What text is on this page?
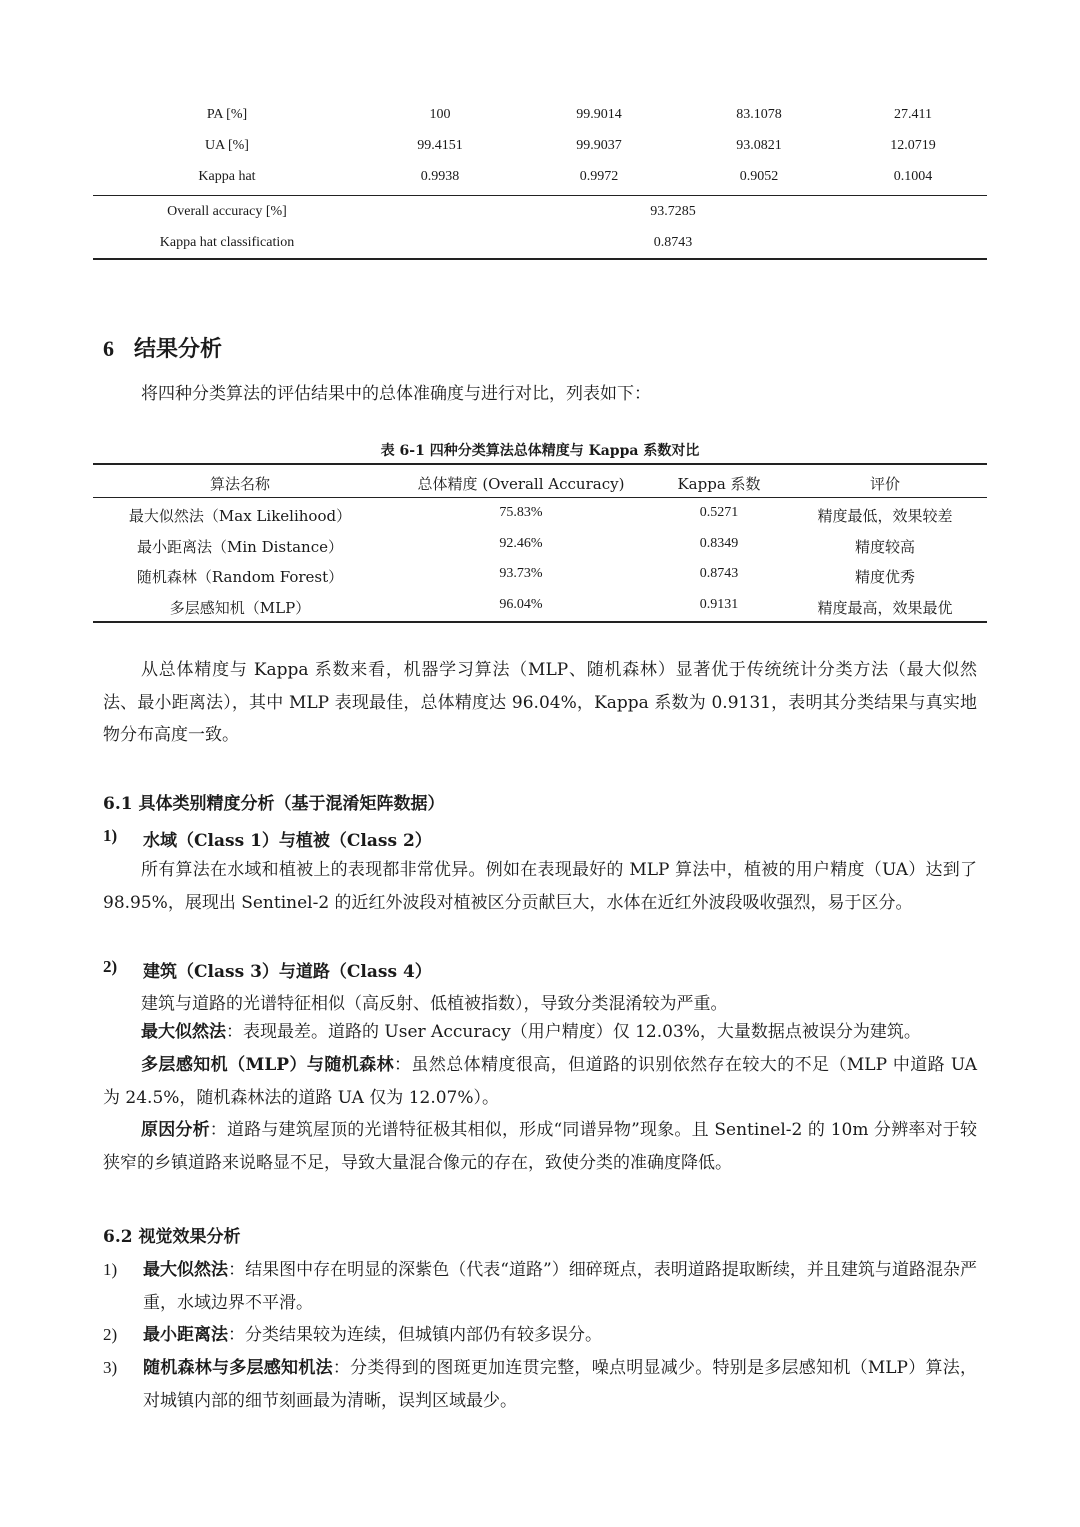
PA [%]	100	99.9014	83.1078	27.411
UA [%]	99.4151	99.9037	93.0821	12.0719
Kappa hat	0.9938	0.9972	0.9052	0.1004
Overall accuracy [%]	93.7285
Kappa hat classification	0.8743
6 结果分析
将四种分类算法的评估结果中的总体准确度与进行对比，列表如下：
表 6-1 四种分类算法总体精度与 Kappa 系数对比
算法名称	总体精度 (Overall Accuracy)	Kappa 系数	评价
最大似然法（Max Likelihood）	75.83%	0.5271	精度最低，效果较差
最小距离法（Min Distance）	92.46%	0.8349	精度较高
随机森林（Random Forest）	93.73%	0.8743	精度优秀
多层感知机（MLP）	96.04%	0.9131	精度最高，效果最优
从总体精度与 Kappa 系数来看，机器学习算法（MLP、随机森林）显著优于传统统计分类方法（最大似然法、最小距离法），其中 MLP 表现最佳，总体精度达 96.04%，Kappa 系数为 0.9131，表明其分类结果与真实地物分布高度一致。
6.1 具体类别精度分析（基于混淆矩阵数据）
1) 水域（Class 1）与植被（Class 2）
所有算法在水域和植被上的表现都非常优异。例如在表现最好的 MLP 算法中，植被的用户精度（UA）达到了 98.95%，展现出 Sentinel-2 的近红外波段对植被区分贡献巨大，水体在近红外波段吸收强烈，易于区分。
2) 建筑（Class 3）与道路（Class 4）
建筑与道路的光谱特征相似（高反射、低植被指数），导致分类混淆较为严重。
最大似然法：表现最差。道路的 User Accuracy（用户精度）仅 12.03%，大量数据点被误分为建筑。
多层感知机（MLP）与随机森林：虽然总体精度很高，但道路的识别依然存在较大的不足（MLP 中道路 UA 为 24.5%，随机森林法的道路 UA 仅为 12.07%）。
原因分析：道路与建筑屋顶的光谱特征极其相似，形成“同谱异物”现象。且 Sentinel-2 的 10m 分辨率对于较狭窄的乡镇道路来说略显不足，导致大量混合像元的存在，致使分类的准确度降低。
6.2 视觉效果分析
1) 最大似然法：结果图中存在明显的深紫色（代表“道路”）细碎斑点，表明道路提取断续，并且建筑与道路混杂严重，水域边界不平滑。
2) 最小距离法：分类结果较为连续，但城镇内部仍有较多误分。
3) 随机森林与多层感知机法：分类得到的图斑更加连贯完整，噪点明显减少。特别是多层感知机（MLP）算法，对城镇内部的细节刻画最为清晰，误判区域最少。
